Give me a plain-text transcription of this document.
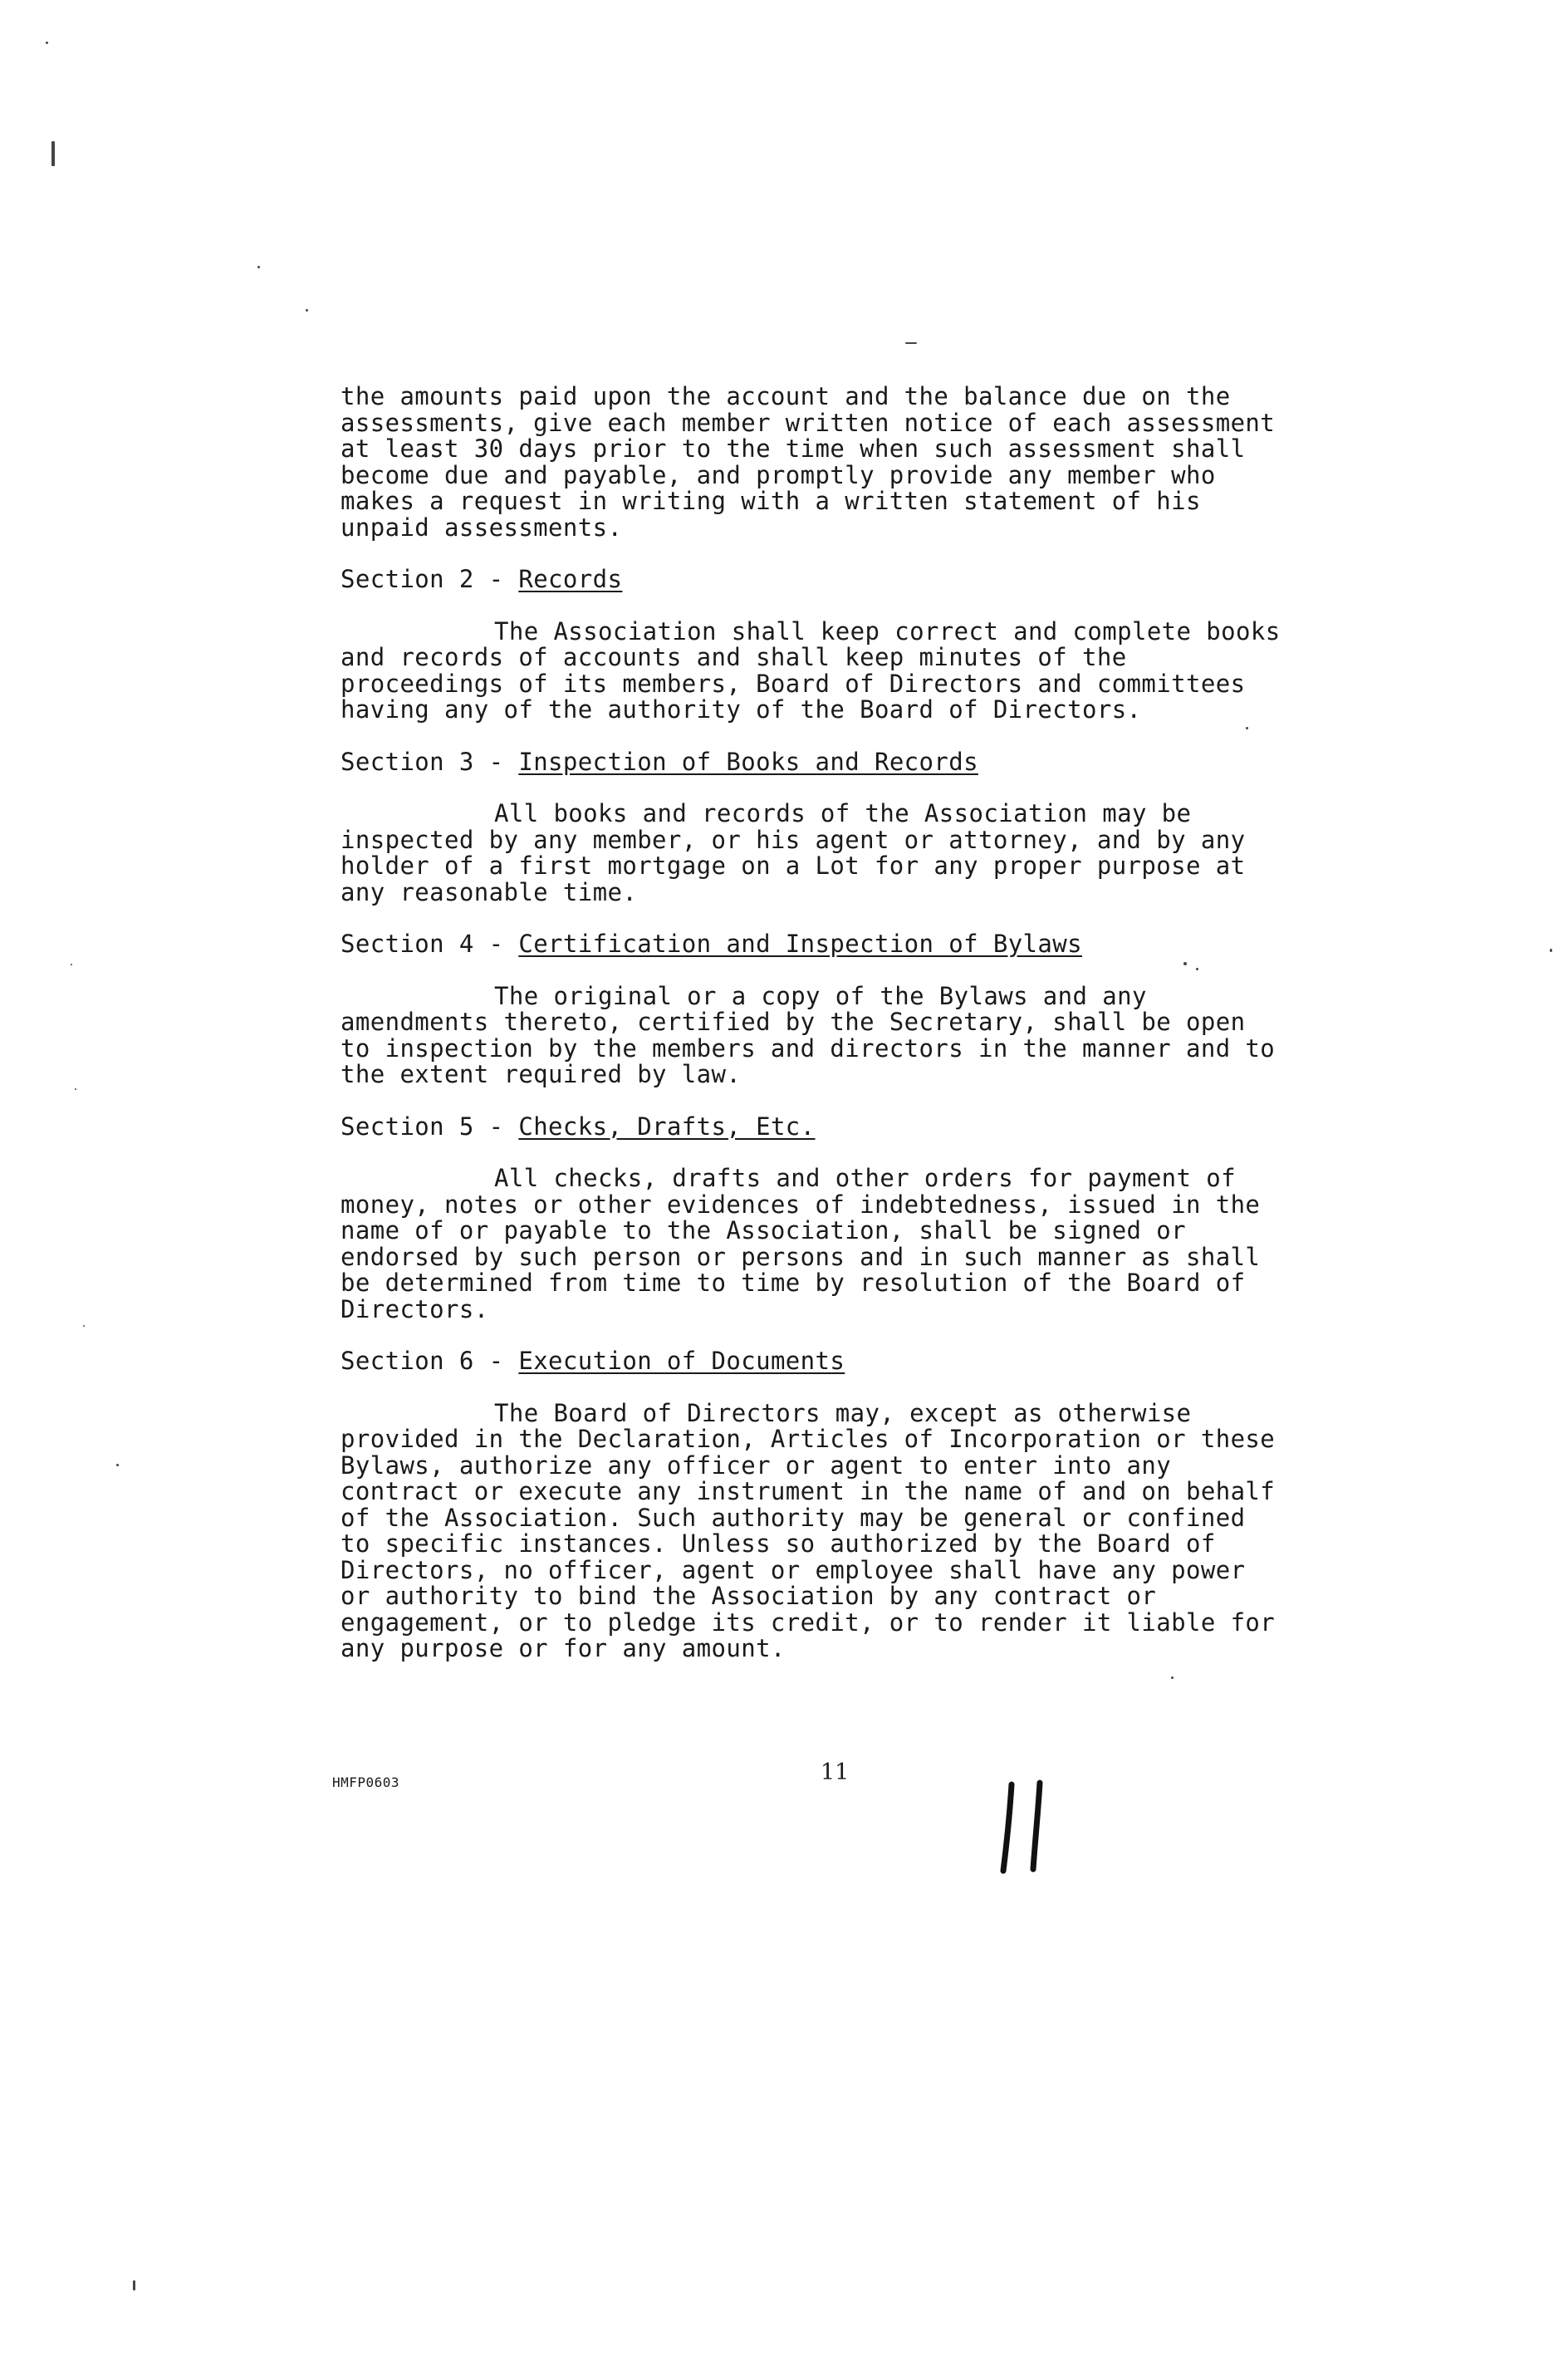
the amounts paid upon the account and the balance due on the
assessments, give each member written notice of each assessment
at least 30 days prior to the time when such assessment shall
become due and payable, and promptly provide any member who
makes a request in writing with a written statement of his
unpaid assessments.

Section 2 - Records

The Association shall keep correct and complete books
and records of accounts and shall keep minutes of the
proceedings of its members, Board of Directors and committees
having any of the authority of the Board of Directors.

Section 3 - Inspection of Books and Records

All books and records of the Association may be
inspected by any member, or his agent or attorney, and by any
holder of a first mortgage on a Lot for any proper purpose at
any reasonable time.

Section 4 - Certification and Inspection of Bylaws

The original or a copy of the Bylaws and any
amendments thereto, certified by the Secretary, shall be open
to inspection by the members and directors in the manner and to
the extent required by law.

Section 5 - Checks, Drafts, Etc.

All checks, drafts and other orders for payment of
money, notes or other evidences of indebtedness, issued in the
name of or payable to the Association, shall be signed or
endorsed by such person or persons and in such manner as shall
be determined from time to time by resolution of the Board of
Directors.

Section 6 - Execution of Documents

The Board of Directors may, except as otherwise
provided in the Declaration, Articles of Incorporation or these
Bylaws, authorize any officer or agent to enter into any
contract or execute any instrument in the name of and on behalf
of the Association. Such authority may be general or confined
to specific instances. Unless so authorized by the Board of
Directors, no officer, agent or employee shall have any power
or authority to bind the Association by any contract or
engagement, or to pledge its credit, or to render it liable for
any purpose or for any amount.

HMFP0603	11
